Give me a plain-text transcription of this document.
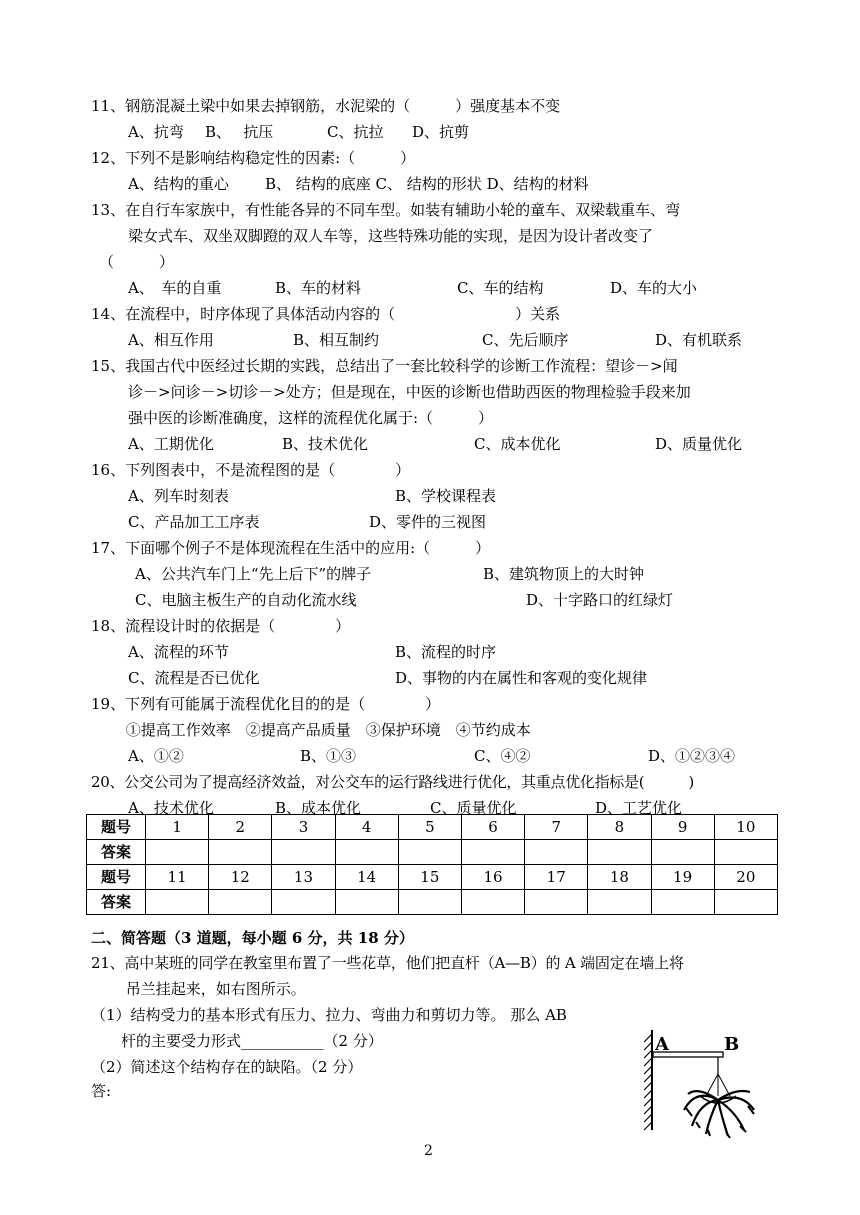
11、钢筋混凝土梁中如果去掉钢筋，水泥梁的（　　　）强度基本不变
A、抗弯 B、　 抗压	C、抗拉 D、抗剪
12、下列不是影响结构稳定性的因素:（　　　）
A、结构的重心 B、 结构的底座 C、 结构的形状 D、结构的材料
13、在自行车家族中，有性能各异的不同车型。如装有辅助小轮的童车、双梁载重车、弯
梁女式车、双坐双脚蹬的双人车等，这些特殊功能的实现，是因为设计者改变了
（　　　）
A、　车的自重	B、车的材料	C、车的结构	D、车的大小
14、在流程中，时序体现了具体活动内容的（　　　　　　　　）关系
A、相互作用	B、相互制约	C、先后顺序	D、有机联系
15、我国古代中医经过长期的实践，总结出了一套比较科学的诊断工作流程：望诊－>闻
诊－>问诊－>切诊－>处方；但是现在，中医的诊断也借助西医的物理检验手段来加
强中医的诊断准确度，这样的流程优化属于:（　　　）
A、工期优化	B、技术优化	C、成本优化	D、质量优化
16、下列图表中，不是流程图的是（　　　　）
A、列车时刻表	B、学校课程表
C、产品加工工序表	D、零件的三视图
17、下面哪个例子不是体现流程在生活中的应用:（　　　）
A、公共汽车门上“先上后下”的牌子	B、建筑物顶上的大时钟
C、电脑主板生产的自动化流水线	D、十字路口的红绿灯
18、流程设计时的依据是（　　　　）
A、流程的环节	B、流程的时序
C、流程是否已优化	D、事物的内在属性和客观的变化规律
19、下列有可能属于流程优化目的的是（　　　　）
　　 ①提高工作效率　②提高产品质量　③保护环境　④节约成本
A、①②	B、①③	C、④②	D、①②③④
20、公交公司为了提高经济效益，对公交车的运行路线进行优化，其重点优化指标是(　　　)
A、技术优化	B、成本优化	C、质量优化	D、工艺优化
题号	1	2	3	4	5	6	7	8	9	10
答案										
题号	11	12	13	14	15	16	17	18	19	20
答案										
二、简答题（3 道题，每小题 6 分，共 18 分）
21、高中某班的同学在教室里布置了一些花草，他们把直杆（A—B）的 A 端固定在墙上将
　　 吊兰挂起来，如右图所示。
（1）结构受力的基本形式有压力、拉力、弯曲力和剪切力等。 那么 AB
　　杆的主要受力形式___________（2 分）
（2）简述这个结构存在的缺陷。（2 分）
答:
A	B
2
